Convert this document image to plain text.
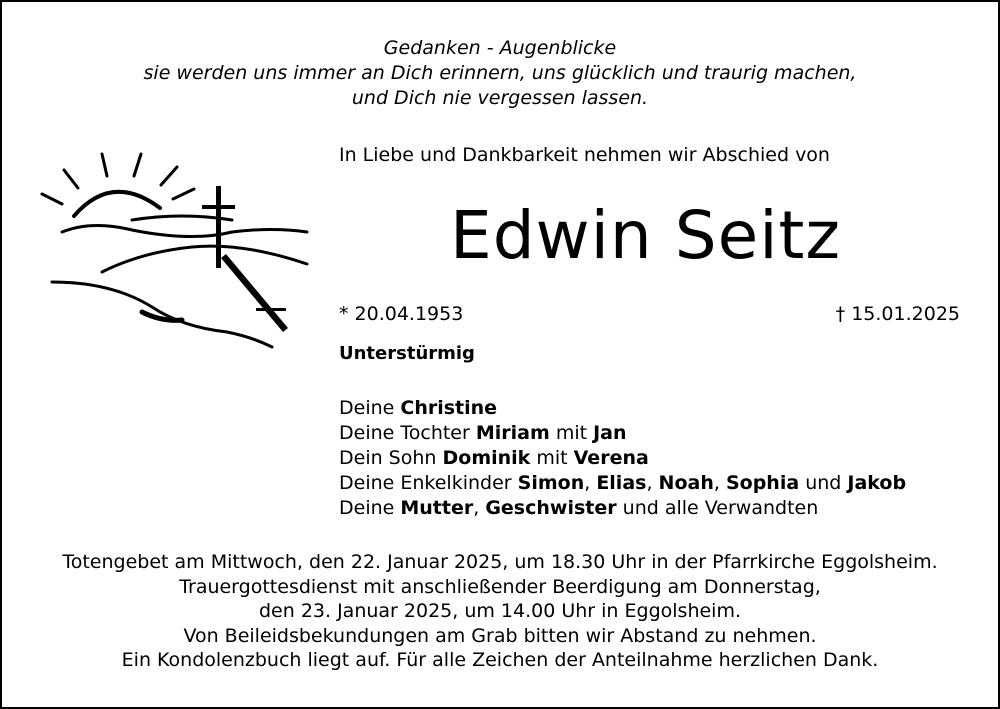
Gedanken - Augenblicke
sie werden uns immer an Dich erinnern, uns glücklich und traurig machen,
und Dich nie vergessen lassen.
In Liebe und Dankbarkeit nehmen wir Abschied von
Edwin Seitz
* 20.04.1953	† 15.01.2025
Unterstürmig
Deine Christine
Deine Tochter Miriam mit Jan
Dein Sohn Dominik mit Verena
Deine Enkelkinder Simon, Elias, Noah, Sophia und Jakob
Deine Mutter, Geschwister und alle Verwandten
Totengebet am Mittwoch, den 22. Januar 2025, um 18.30 Uhr in der Pfarrkirche Eggolsheim.
Trauergottesdienst mit anschließender Beerdigung am Donnerstag,
den 23. Januar 2025, um 14.00 Uhr in Eggolsheim.
Von Beileidsbekundungen am Grab bitten wir Abstand zu nehmen.
Ein Kondolenzbuch liegt auf. Für alle Zeichen der Anteilnahme herzlichen Dank.
